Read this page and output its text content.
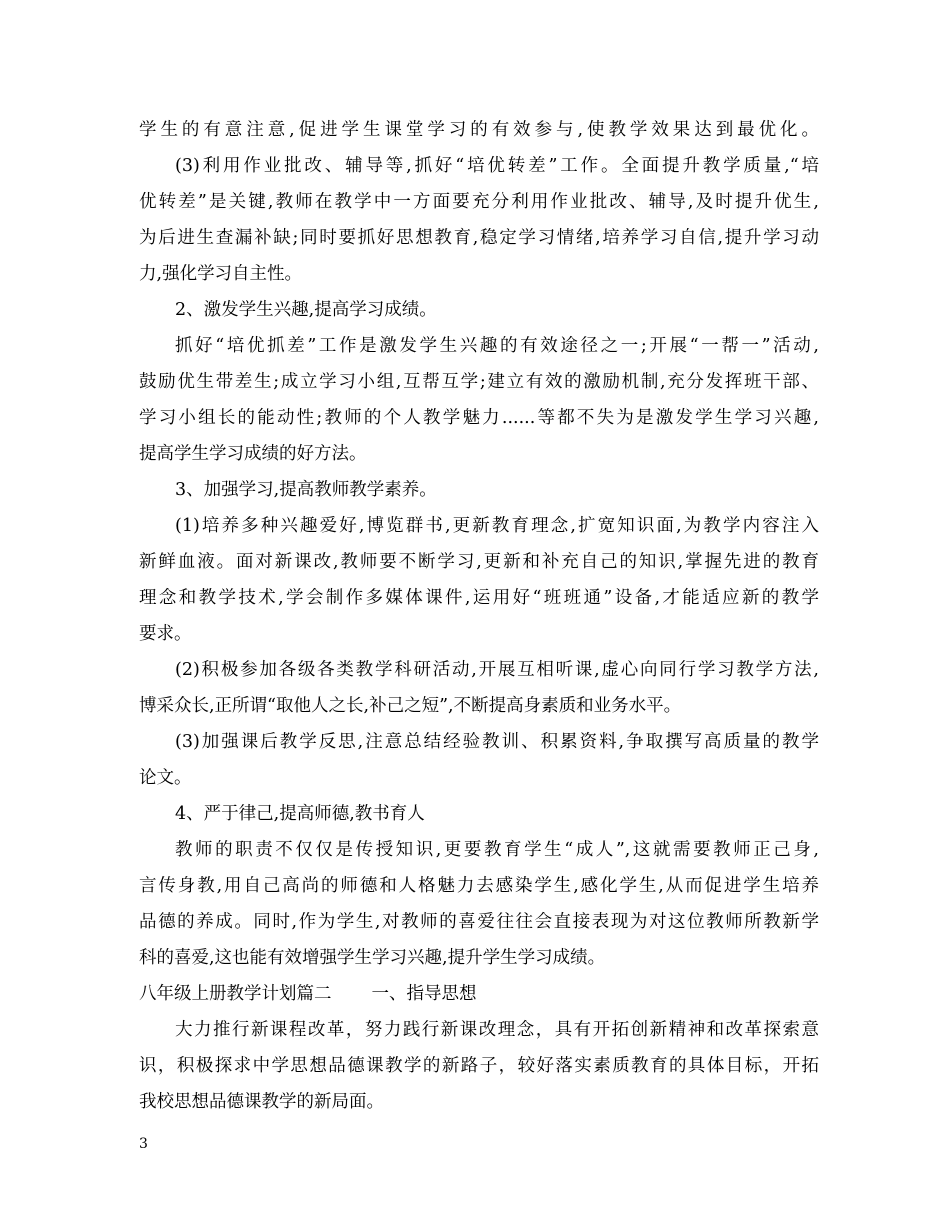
学生的有意注意,促进学生课堂学习的有效参与,使教学效果达到最优化。
(3)利用作业批改、辅导等,抓好“培优转差”工作。全面提升教学质量,“培
优转差”是关键,教师在教学中一方面要充分利用作业批改、辅导,及时提升优生,
为后进生查漏补缺;同时要抓好思想教育,稳定学习情绪,培养学习自信,提升学习动
力,强化学习自主性。
2、激发学生兴趣,提高学习成绩。
抓好“培优抓差”工作是激发学生兴趣的有效途径之一;开展“一帮一”活动,
鼓励优生带差生;成立学习小组,互帮互学;建立有效的激励机制,充分发挥班干部、
学习小组长的能动性;教师的个人教学魅力......等都不失为是激发学生学习兴趣,
提高学生学习成绩的好方法。
3、加强学习,提高教师教学素养。
(1)培养多种兴趣爱好,博览群书,更新教育理念,扩宽知识面,为教学内容注入
新鲜血液。面对新课改,教师要不断学习,更新和补充自己的知识,掌握先进的教育
理念和教学技术,学会制作多媒体课件,运用好“班班通”设备,才能适应新的教学
要求。
(2)积极参加各级各类教学科研活动,开展互相听课,虚心向同行学习教学方法,
博采众长,正所谓“取他人之长,补己之短”,不断提高身素质和业务水平。
(3)加强课后教学反思,注意总结经验教训、积累资料,争取撰写高质量的教学
论文。
4、严于律己,提高师德,教书育人
教师的职责不仅仅是传授知识,更要教育学生“成人”,这就需要教师正己身,
言传身教,用自己高尚的师德和人格魅力去感染学生,感化学生,从而促进学生培养
品德的养成。同时,作为学生,对教师的喜爱往往会直接表现为对这位教师所教新学
科的喜爱,这也能有效增强学生学习兴趣,提升学生学习成绩。
八年级上册教学计划篇二 一、指导思想
大力推行新课程改革，努力践行新课改理念，具有开拓创新精神和改革探索意
识，积极探求中学思想品德课教学的新路子，较好落实素质教育的具体目标，开拓
我校思想品德课教学的新局面。
3
